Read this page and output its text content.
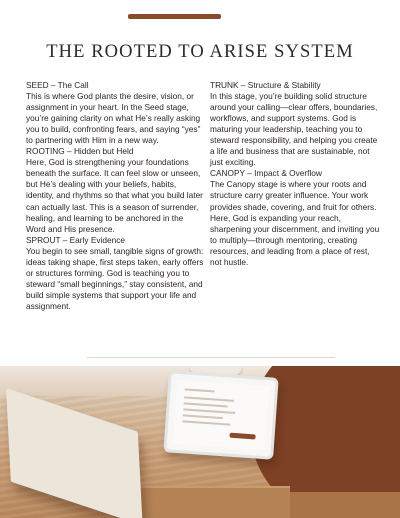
THE ROOTED TO ARISE SYSTEM
SEED – The Call
This is where God plants the desire, vision, or assignment in your heart. In the Seed stage, you’re gaining clarity on what He’s really asking you to build, confronting fears, and saying “yes” to partnering with Him in a new way.
ROOTING – Hidden but Held
Here, God is strengthening your foundations beneath the surface. It can feel slow or unseen, but He’s dealing with your beliefs, habits, identity, and rhythms so that what you build later can actually last. This is a season of surrender, healing, and learning to be anchored in the Word and His presence.
SPROUT – Early Evidence
You begin to see small, tangible signs of growth: ideas taking shape, first steps taken, early offers or structures forming. God is teaching you to steward “small beginnings,” stay consistent, and build simple systems that support your life and assignment.
TRUNK – Structure & Stability
In this stage, you’re building solid structure around your calling—clear offers, boundaries, workflows, and support systems. God is maturing your leadership, teaching you to steward responsibility, and helping you create a life and business that are sustainable, not just exciting.
CANOPY – Impact & Overflow
The Canopy stage is where your roots and structure carry greater influence. Your work provides shade, covering, and fruit for others. Here, God is expanding your reach, sharpening your discernment, and inviting you to multiply—through mentoring, creating resources, and leading from a place of rest, not hustle.
